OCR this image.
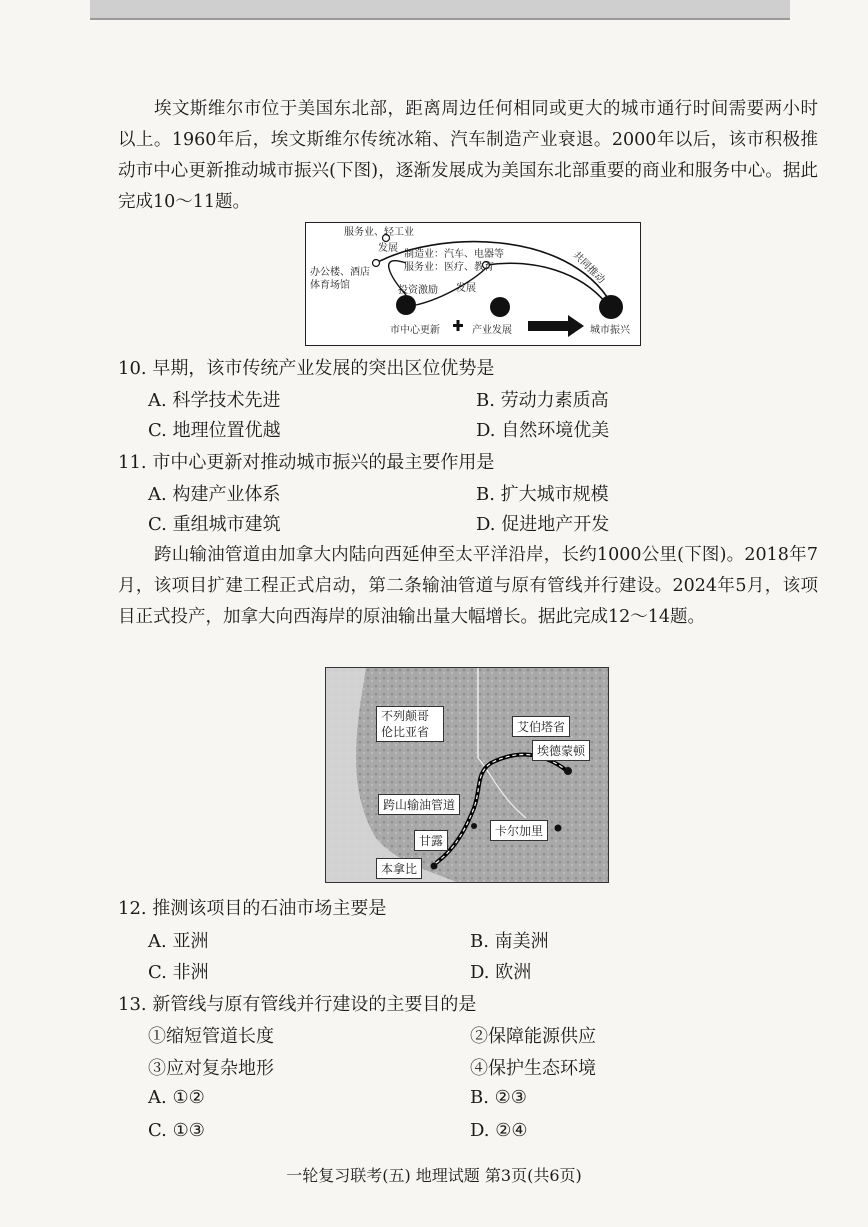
埃文斯维尔市位于美国东北部，距离周边任何相同或更大的城市通行时间需要两小时以上。1960年后，埃文斯维尔传统冰箱、汽车制造产业衰退。2000年以后，该市积极推动市中心更新推动城市振兴(下图)，逐渐发展成为美国东北部重要的商业和服务中心。据此完成10～11题。

服务业、轻工业
发展
制造业：汽车、电器等
服务业：医疗、教育
办公楼、酒店
体育场馆	投资激励 发展
共同推动
市中心更新	产业发展	城市振兴

10. 早期，该市传统产业发展的突出区位优势是

A. 科学技术先进	B. 劳动力素质高

C. 地理位置优越	D. 自然环境优美

11. 市中心更新对推动城市振兴的最主要作用是

A. 构建产业体系	B. 扩大城市规模

C. 重组城市建筑	D. 促进地产开发

跨山输油管道由加拿大内陆向西延伸至太平洋沿岸，长约1000公里(下图)。2018年7月，该项目扩建工程正式启动，第二条输油管道与原有管线并行建设。2024年5月，该项目正式投产，加拿大向西海岸的原油输出量大幅增长。据此完成12～14题。

不列颠哥伦比亚省	艾伯塔省
埃德蒙顿
跨山输油管道
甘露
卡尔加里
本拿比

12. 推测该项目的石油市场主要是

A. 亚洲	B. 南美洲

C. 非洲	D. 欧洲

13. 新管线与原有管线并行建设的主要目的是

①缩短管道长度	②保障能源供应

③应对复杂地形	④保护生态环境

A. ①②	B. ②③

C. ①③	D. ②④

一轮复习联考(五) 地理试题 第3页(共6页)
